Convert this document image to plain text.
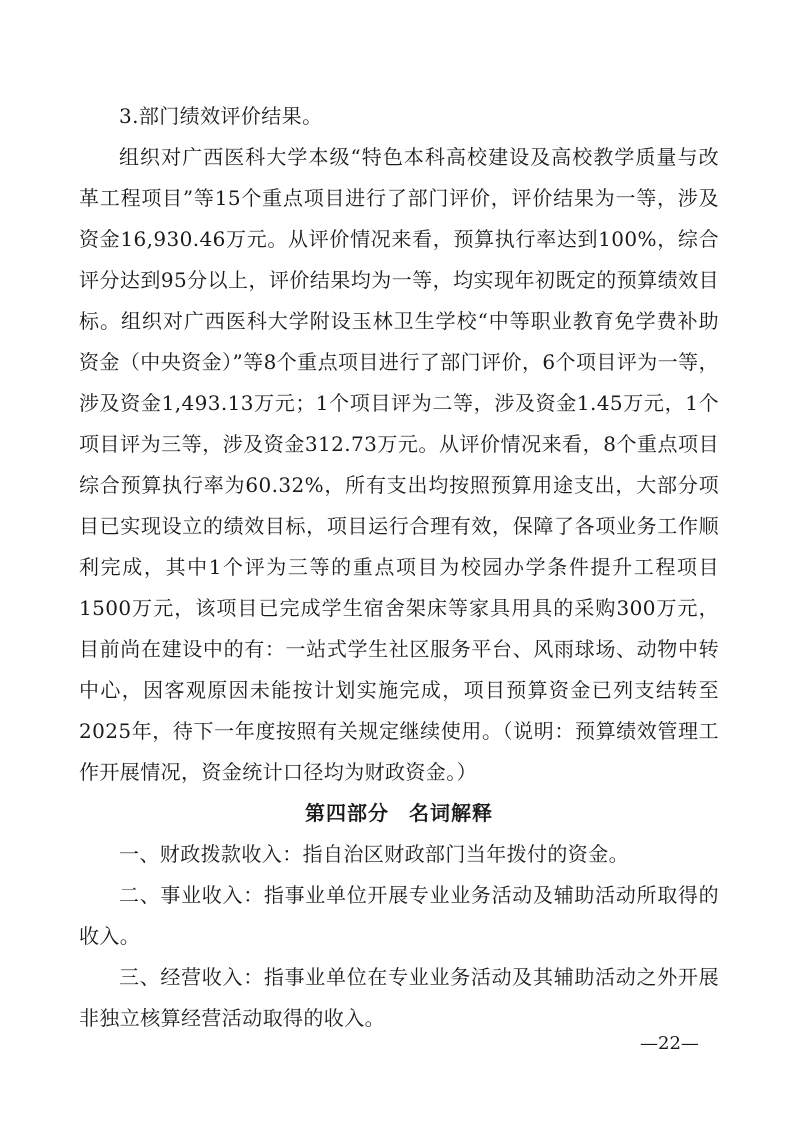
3.部门绩效评价结果。

组织对广西医科大学本级“特色本科高校建设及高校教学质量与改革工程项目”等15个重点项目进行了部门评价，评价结果为一等，涉及资金16,930.46万元。从评价情况来看，预算执行率达到100%，综合评分达到95分以上，评价结果均为一等，均实现年初既定的预算绩效目标。组织对广西医科大学附设玉林卫生学校“中等职业教育免学费补助资金（中央资金）”等8个重点项目进行了部门评价，6个项目评为一等，涉及资金1,493.13万元；1个项目评为二等，涉及资金1.45万元，1个项目评为三等，涉及资金312.73万元。从评价情况来看，8个重点项目综合预算执行率为60.32%，所有支出均按照预算用途支出，大部分项目已实现设立的绩效目标，项目运行合理有效，保障了各项业务工作顺利完成，其中1个评为三等的重点项目为校园办学条件提升工程项目1500万元，该项目已完成学生宿舍架床等家具用具的采购300万元，目前尚在建设中的有：一站式学生社区服务平台、风雨球场、动物中转中心，因客观原因未能按计划实施完成，项目预算资金已列支结转至2025年，待下一年度按照有关规定继续使用。（说明：预算绩效管理工作开展情况，资金统计口径均为财政资金。）

第四部分 名词解释

一、财政拨款收入：指自治区财政部门当年拨付的资金。

二、事业收入：指事业单位开展专业业务活动及辅助活动所取得的收入。

三、经营收入：指事业单位在专业业务活动及其辅助活动之外开展非独立核算经营活动取得的收入。

—22—
